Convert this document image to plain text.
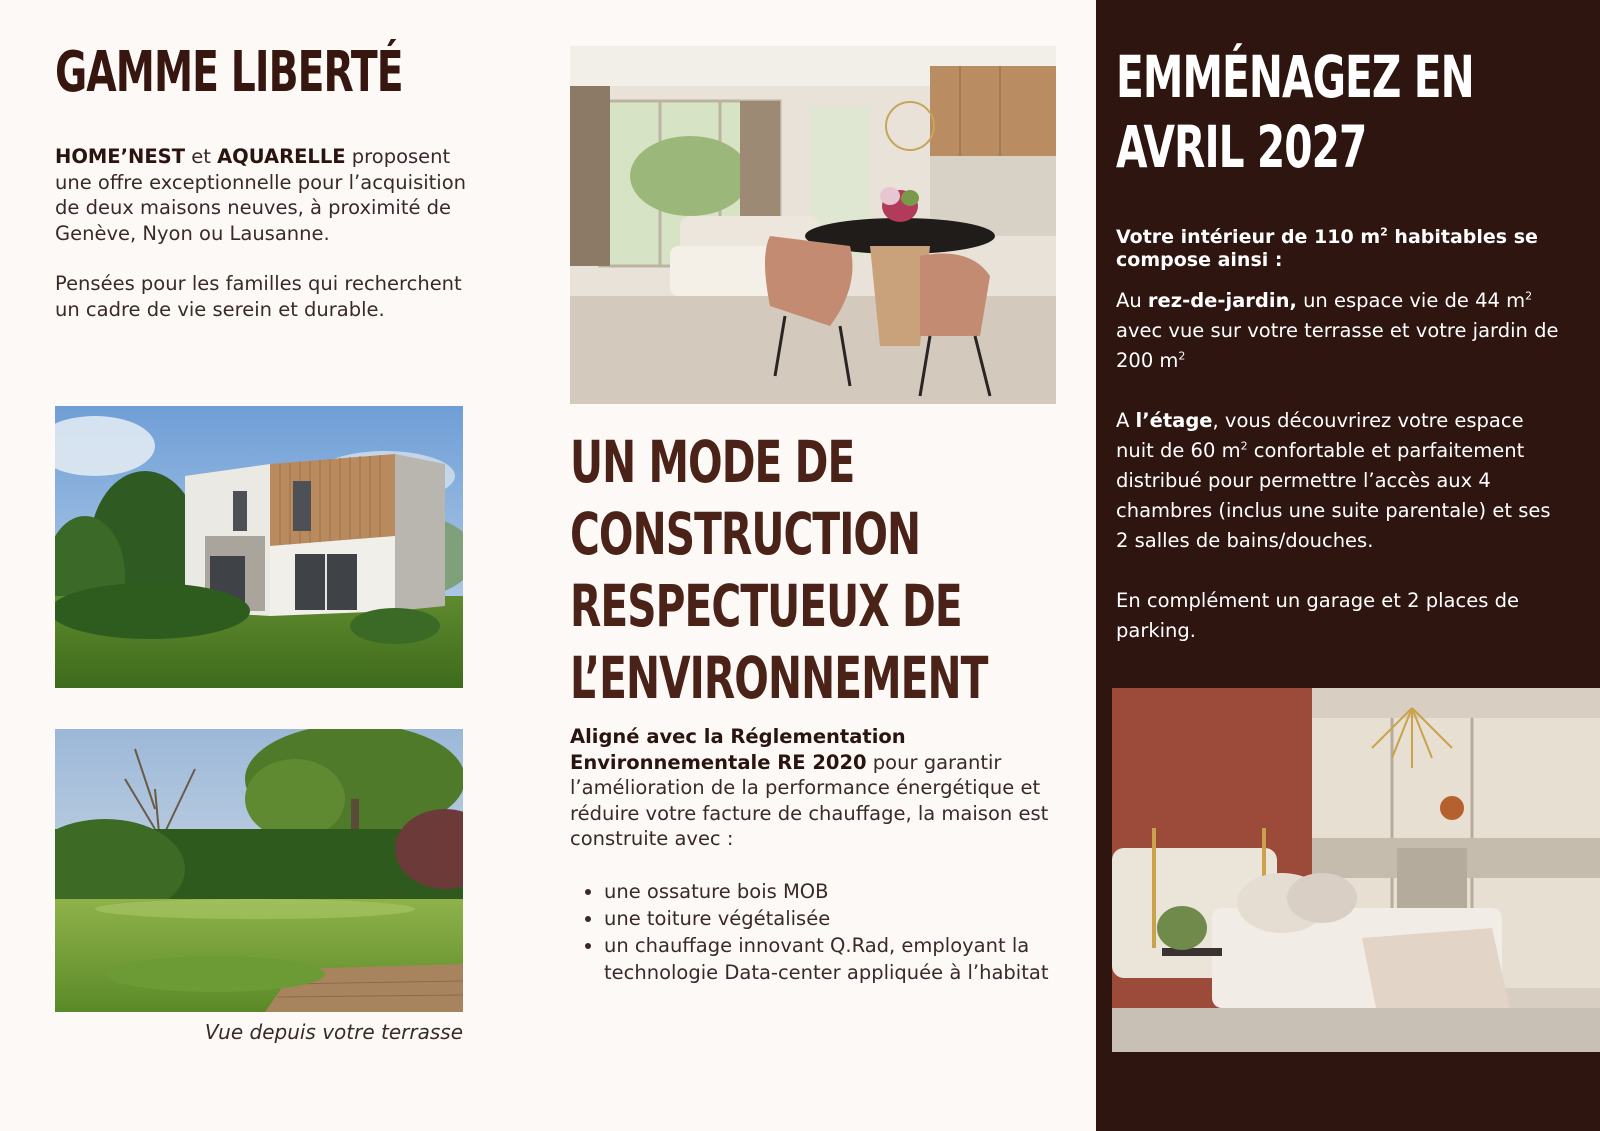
GAMME LIBERTÉ

HOME’NEST et AQUARELLE proposent une offre exceptionnelle pour l’acquisition de deux maisons neuves, à proximité de Genève, Nyon ou Lausanne.

Pensées pour les familles qui recherchent un cadre de vie serein et durable.

Vue depuis votre terrasse
UN MODE DE
CONSTRUCTION
RESPECTUEUX DE
L’ENVIRONNEMENT

Aligné avec la Réglementation Environnementale RE 2020 pour garantir l’amélioration de la performance énergétique et réduire votre facture de chauffage, la maison est construite avec :

• une ossature bois MOB
• une toiture végétalisée
• un chauffage innovant Q.Rad, employant la technologie Data-center appliquée à l’habitat
EMMÉNAGEZ EN
AVRIL 2027

Votre intérieur de 110 $m^2$ habitables se compose ainsi :

Au rez-de-jardin, un espace vie de 44 $m^2$ avec vue sur votre terrasse et votre jardin de 200 $m^2$

A l’étage, vous découvrirez votre espace nuit de 60 $m^2$ confortable et parfaitement distribué pour permettre l’accès aux 4 chambres (inclus une suite parentale) et ses 2 salles de bains/douches.

En complément un garage et 2 places de parking.
